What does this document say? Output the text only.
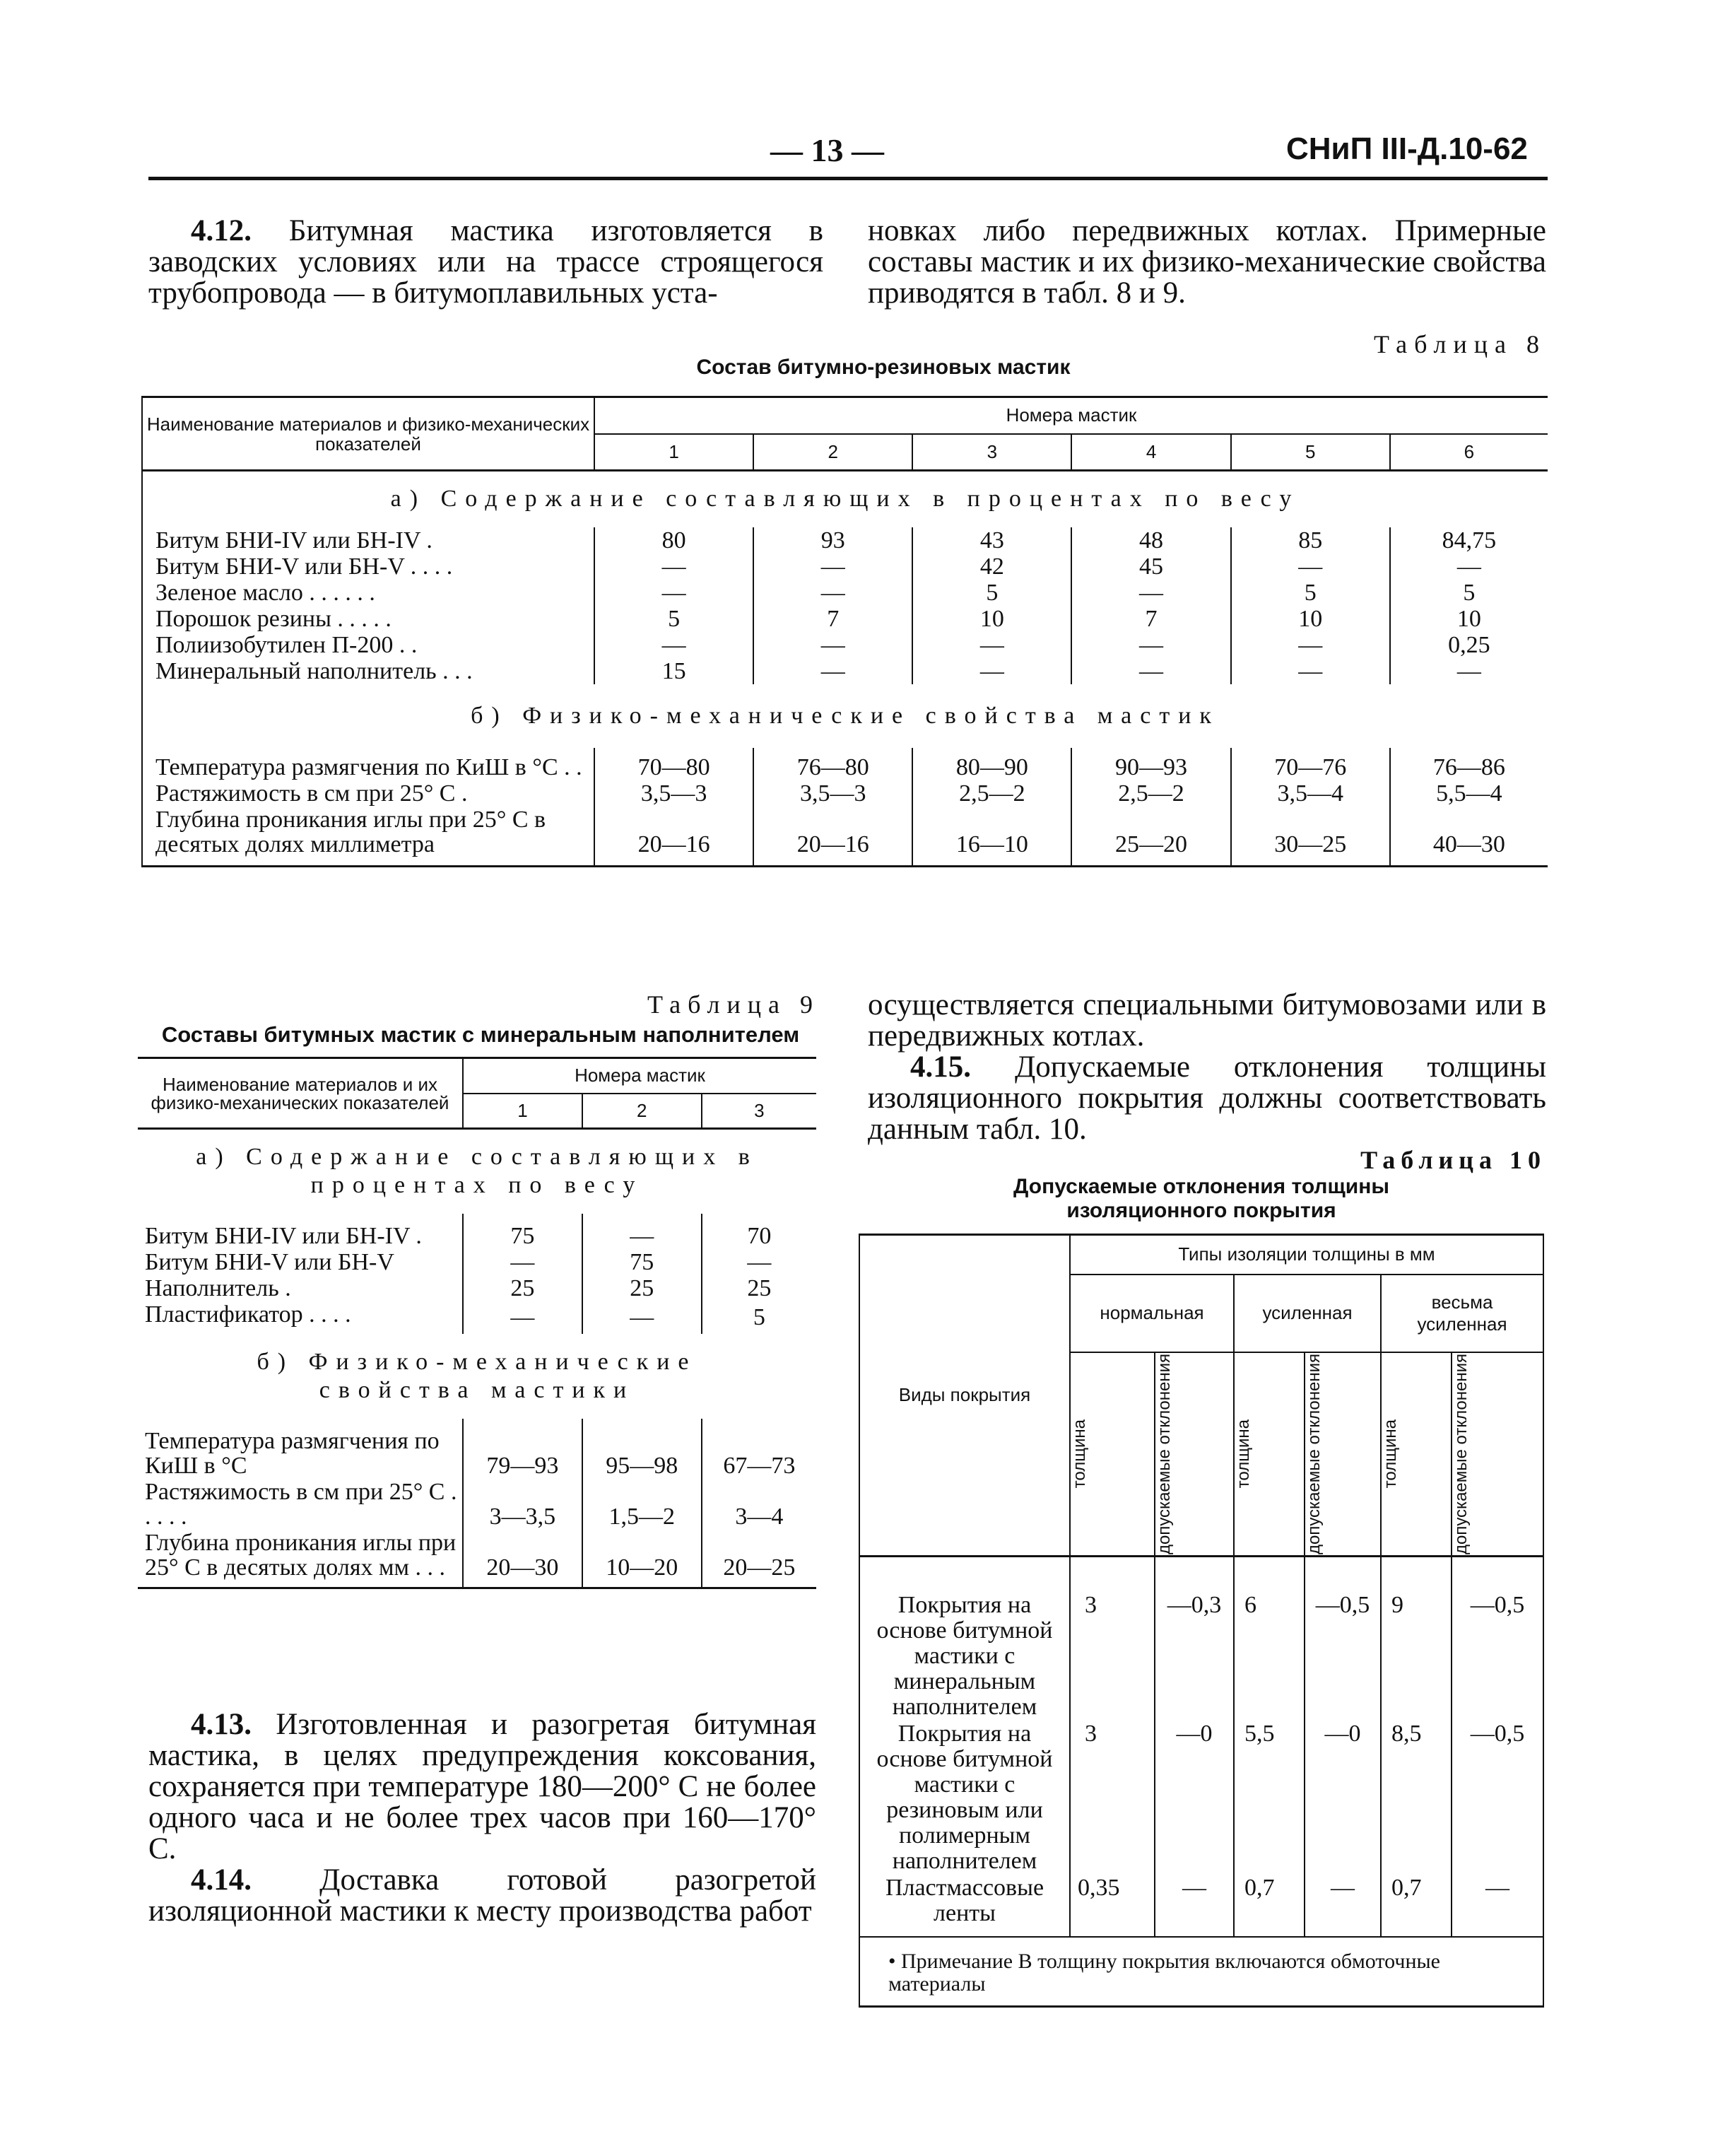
— 13 —	СНиП III-Д.10-62
4.12. Битумная мастика изготовляется в заводских условиях или на трассе строящегося трубопровода — в битумоплавильных уста-
новках либо передвижных котлах. Примерные составы мастик и их физико-механические свойства приводятся в табл. 8 и 9.
Таблица 8
Состав битумно-резиновых мастик
Наименование материалов и физико-механических показателей	Номера мастик					
	1	2	3	4	5	6
а) Содержание составляющих в процентах по весу						
Битум БНИ-IV или БН-IV .	80	93	43	48	85	84,75
Битум БНИ-V или БН-V . . . .	—	—	42	45	—	—
Зеленое масло . . . . . .	—	—	5	—	5	5
Порошок резины . . . . .	5	7	10	7	10	10
Полиизобутилен П-200 . .	—	—	—	—	—	0,25
Минеральный наполнитель . . .	15	—	—	—	—	—
б) Физико-механические свойства мастик						
Температура размягчения по КиШ в °С . .	70—80	76—80	80—90	90—93	70—76	76—86
Растяжимость в см при 25° С .	3,5—3	3,5—3	2,5—2	2,5—2	3,5—4	5,5—4
Глубина проникания иглы при 25° С в десятых долях миллиметра	20—16	20—16	16—10	25—20	30—25	40—30
Таблица 9
Составы битумных мастик с минеральным наполнителем
Наименование материалов и их физико-механических показателей	Номера мастик		
	1	2	3
а) Содержание составляющих в процентах по весу			
Битум БНИ-IV или БН-IV .	75	—	70
Битум БНИ-V или БН-V	—	75	—
Наполнитель .	25	25	25
Пластификатор . . . .	—	—	5
б) Физико-механические свойства мастики			
Температура размягчения по КиШ в °С	79—93	95—98	67—73
Растяжимость в см при 25° С . . . . .	3—3,5	1,5—2	3—4
Глубина проникания иглы при 25° С в десятых долях мм . . .	20—30	10—20	20—25
осуществляется специальными битумовозами или в передвижных котлах.
4.15. Допускаемые отклонения толщины изоляционного покрытия должны соответствовать данным табл. 10.
Таблица 10
Допускаемые отклонения толщины изоляционного покрытия
Виды покрытия	Типы изоляции толщины в мм					
	нормальная		усиленная		весьма усиленная	

	толщина	допускаемые отклонения	толщина	допускаемые отклонения	толщина	допускаемые отклонения

Покрытия на основе битумной мастики с минеральным наполнителем	3	—0,3	6	—0,5	9	—0,5
Покрытия на основе битумной мастики с резиновым или полимерным наполнителем	3	—0	5,5	—0	8,5	—0,5
Пластмассовые ленты	0,35	—	0,7	—	0,7	—
• Примечание В толщину покрытия включаются обмоточные материалы						
4.13. Изготовленная и разогретая битумная мастика, в целях предупреждения коксования, сохраняется при температуре 180—200° С не более одного часа и не более трех часов при 160—170° С.
4.14. Доставка готовой разогретой изоляционной мастики к месту производства работ
